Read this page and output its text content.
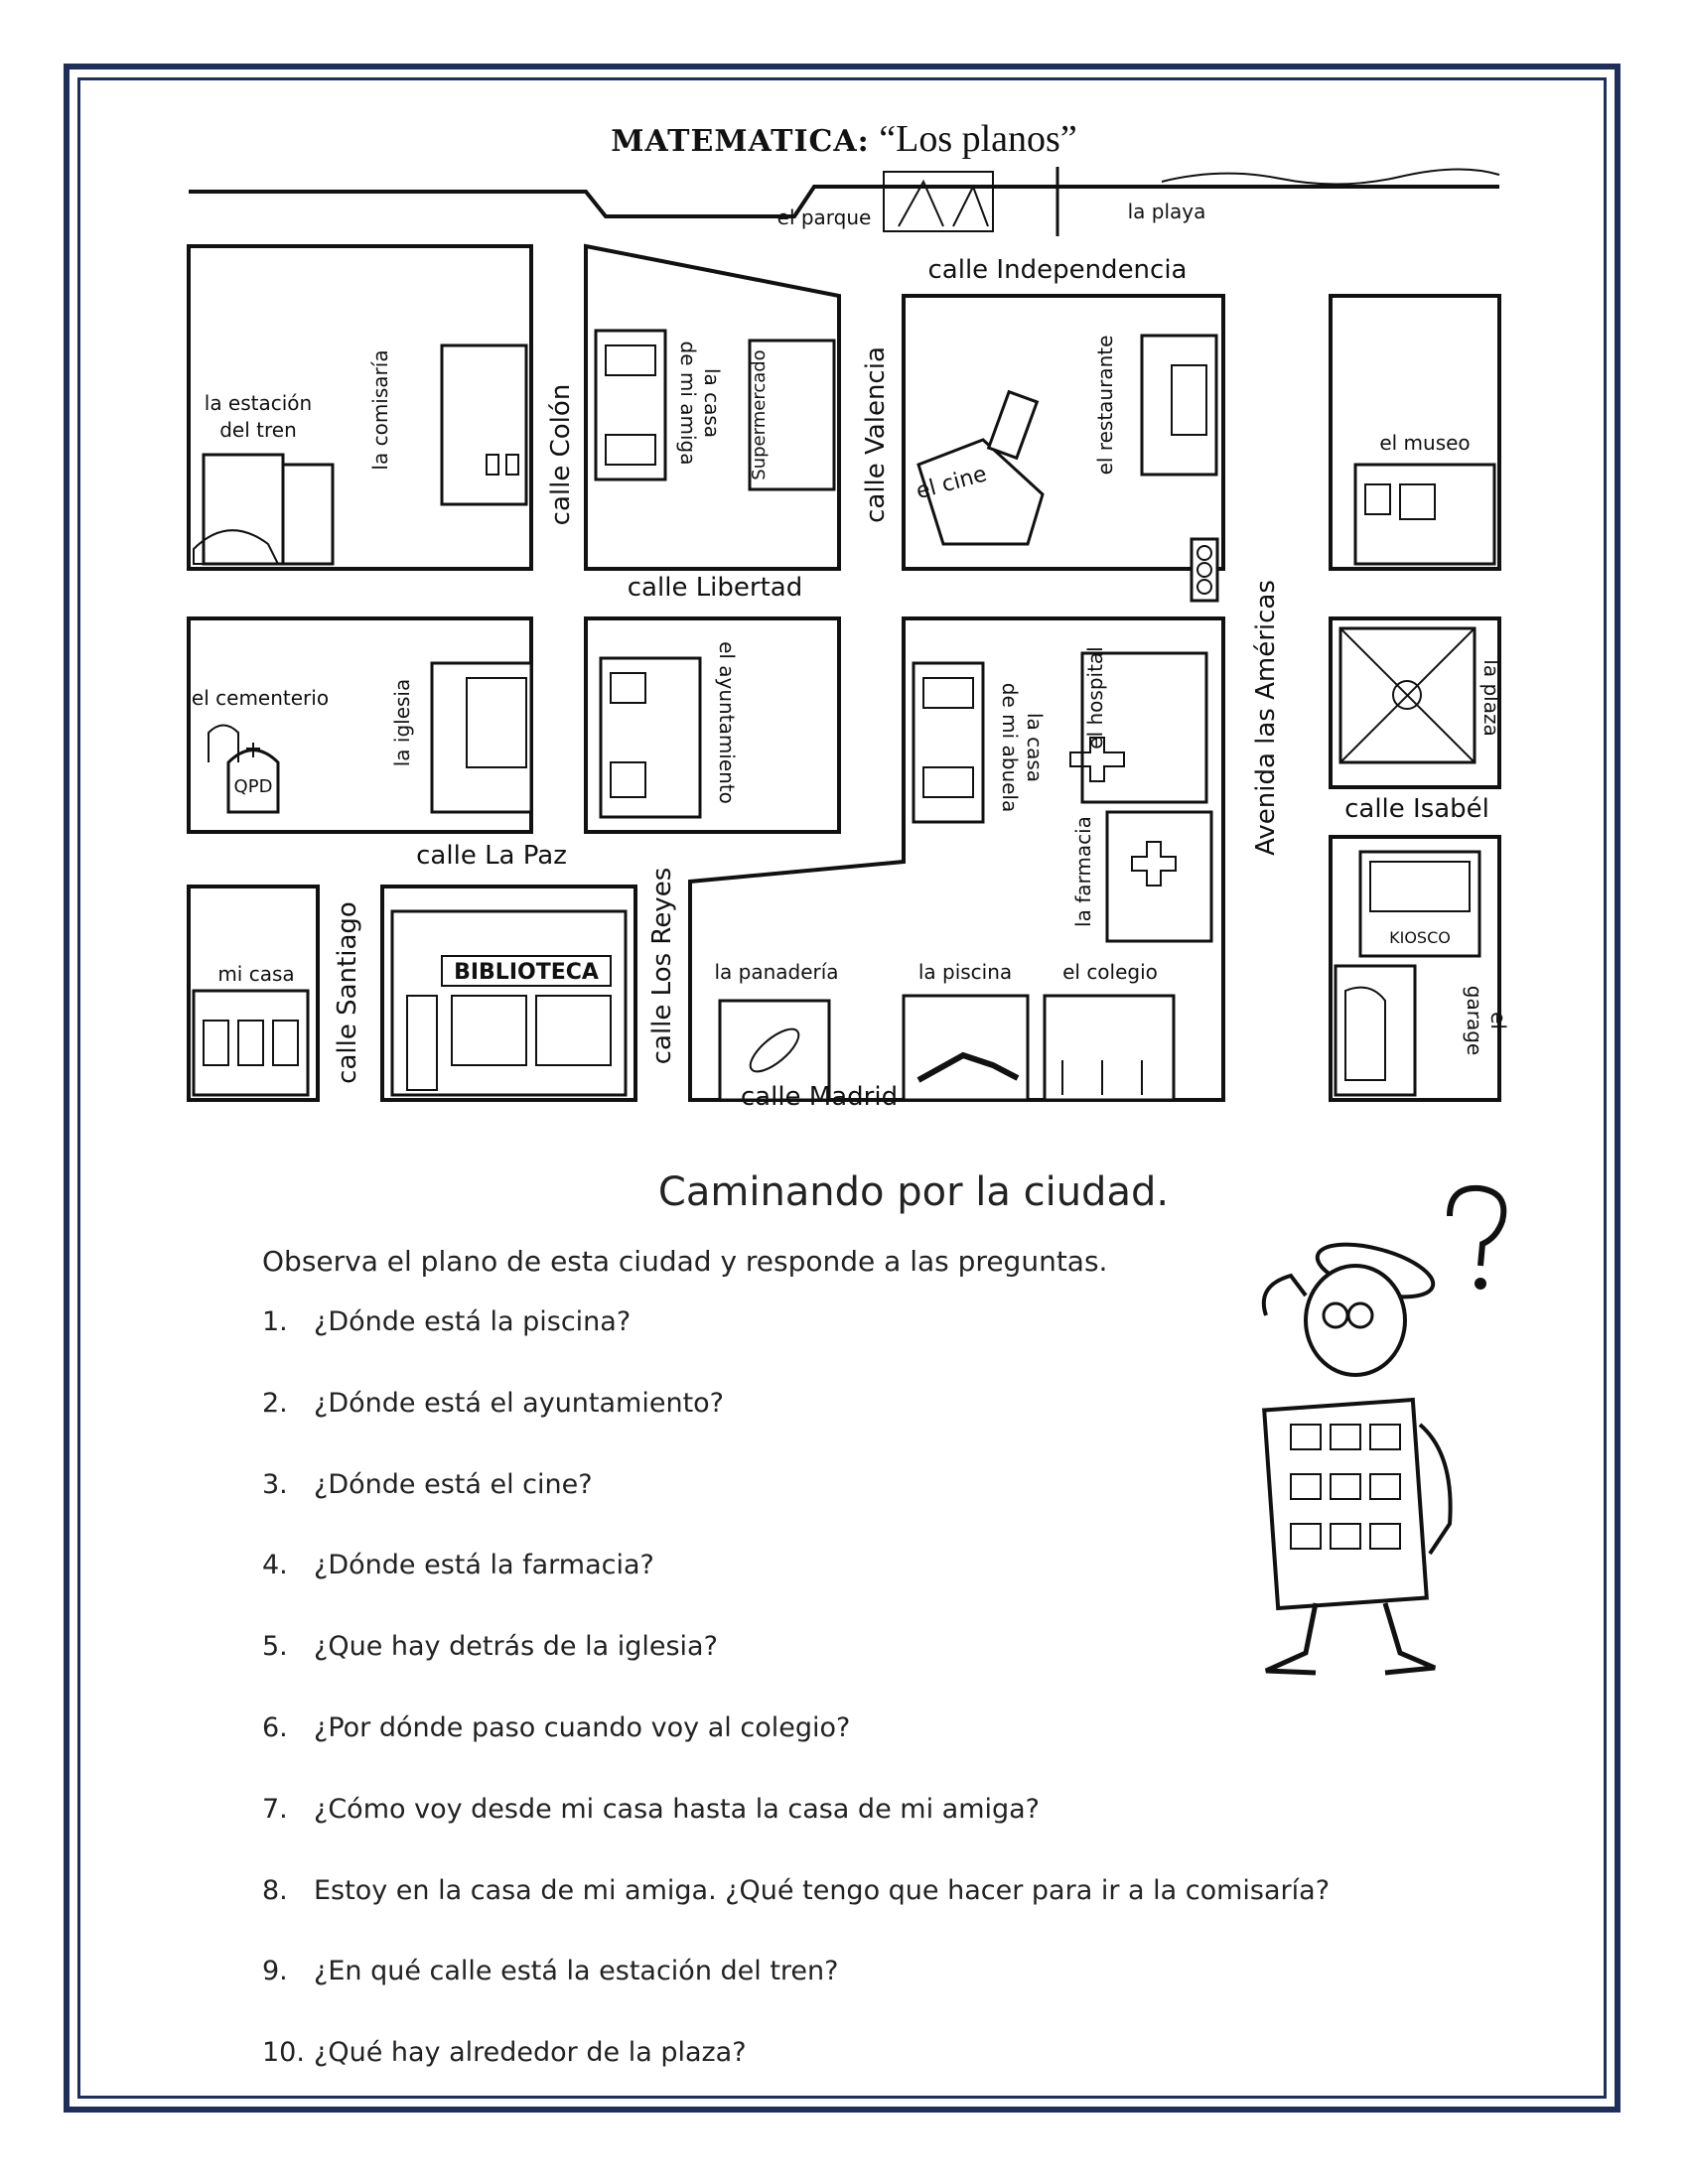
MATEMATICA: “Los planos”
calle Independencia
calle Libertad
calle Colón	calle Valencia
calle La Paz
calle Santiago	calle Los Reyes
calle Madrid
Avenida las Américas calle Isabél
el parque	la playa
la estación
del tren	la comisaría	la casa
de mi amiga	Supermercado
el cine
el restaurante	el museo
el cementerio
QPD
la iglesia	el ayuntamiento	la casa
de mi abuela	el hospital
la farmacia
la plaza
KIOSCO
el
garage
mi casa	BIBLIOTECA	la panadería	la piscina	el colegio
Caminando por la ciudad.
Observa el plano de esta ciudad y responde a las preguntas.
1. ¿Dónde está la piscina?
2. ¿Dónde está el ayuntamiento?
3. ¿Dónde está el cine?
4. ¿Dónde está la farmacia?
5. ¿Que hay detrás de la iglesia?
6. ¿Por dónde paso cuando voy al colegio?
7. ¿Cómo voy desde mi casa hasta la casa de mi amiga?
8. Estoy en la casa de mi amiga. ¿Qué tengo que hacer para ir a la comisaría?
9. ¿En qué calle está la estación del tren?
10. ¿Qué hay alrededor de la plaza?
